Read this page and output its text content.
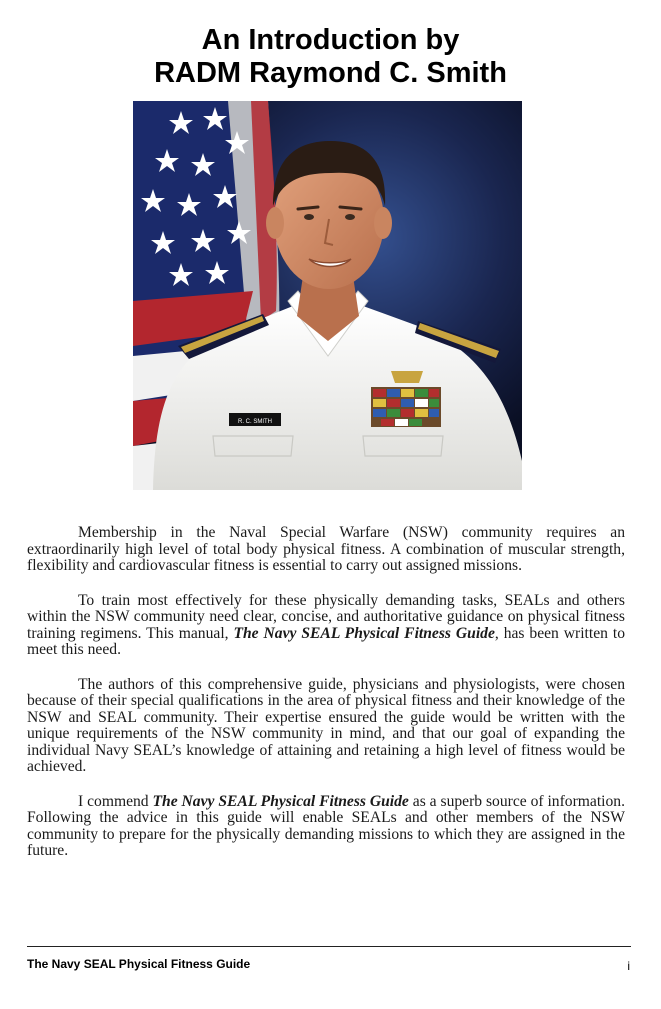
An Introduction by
RADM Raymond C. Smith
R. C. SMITH

Membership in the Naval Special Warfare (NSW) community requires an extraordinarily high level of total body physical fitness. A combination of muscular strength, flexibility and cardiovascular fitness is essential to carry out assigned missions.

To train most effectively for these physically demanding tasks, SEALs and others within the NSW community need clear, concise, and authoritative guidance on physical fitness training regimens. This manual, The Navy SEAL Physical Fitness Guide, has been written to meet this need.

The authors of this comprehensive guide, physicians and physiologists, were chosen because of their special qualifications in the area of physical fitness and their knowledge of the NSW and SEAL community. Their expertise ensured the guide would be written with the unique requirements of the NSW community in mind, and that our goal of expanding the individual Navy SEAL’s knowledge of attaining and retaining a high level of fitness would be achieved.

I commend The Navy SEAL Physical Fitness Guide as a superb source of information. Following the advice in this guide will enable SEALs and other members of the NSW community to prepare for the physically demanding missions to which they are assigned in the future.

The Navy SEAL Physical Fitness Guide	i
